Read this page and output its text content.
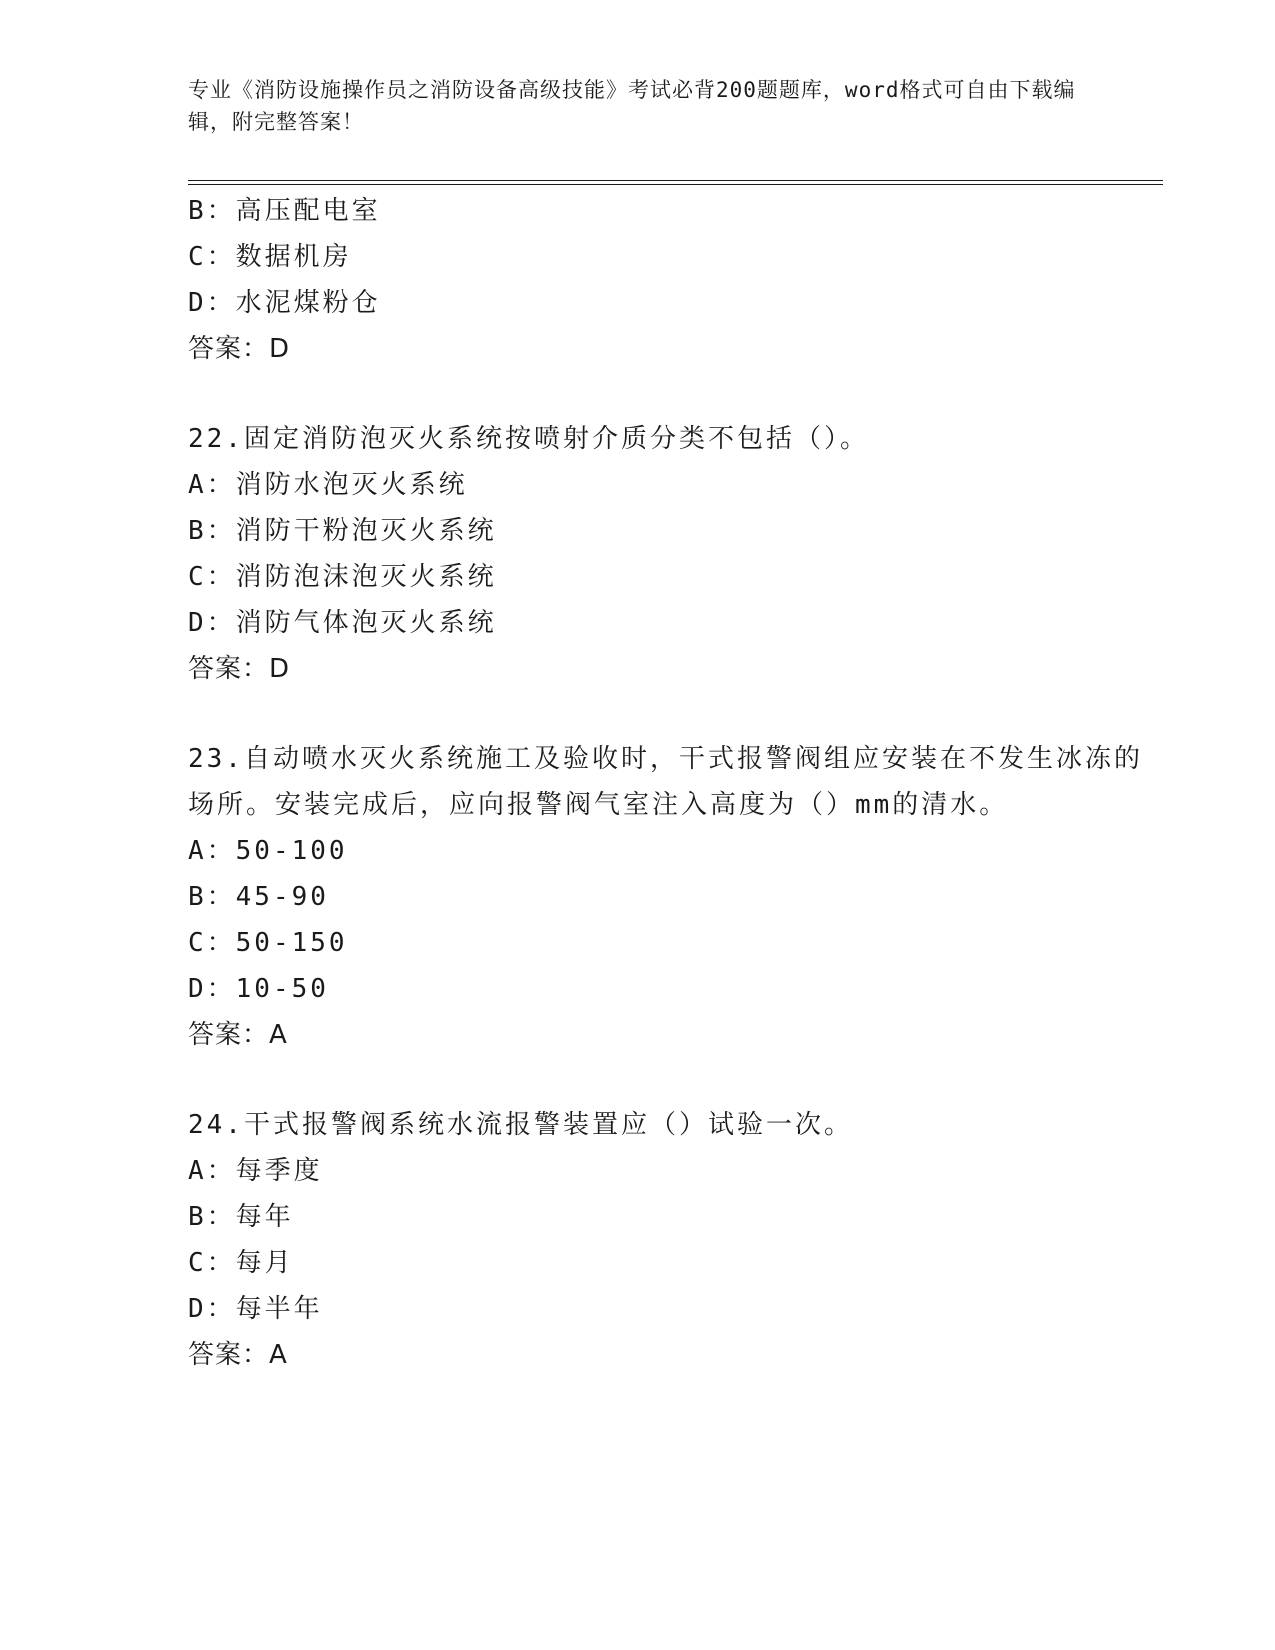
专业《消防设施操作员之消防设备高级技能》考试必背200题题库，word格式可自由下载编辑，附完整答案！
B：高压配电室
C：数据机房
D：水泥煤粉仓
答案：D
22.固定消防泡灭火系统按喷射介质分类不包括（）。
A：消防水泡灭火系统
B：消防干粉泡灭火系统
C：消防泡沫泡灭火系统
D：消防气体泡灭火系统
答案：D
23.自动喷水灭火系统施工及验收时，干式报警阀组应安装在不发生冰冻的场所。安装完成后，应向报警阀气室注入高度为（）mm的清水。
A：50-100
B：45-90
C：50-150
D：10-50
答案：A
24.干式报警阀系统水流报警装置应（）试验一次。
A：每季度
B：每年
C：每月
D：每半年
答案：A
